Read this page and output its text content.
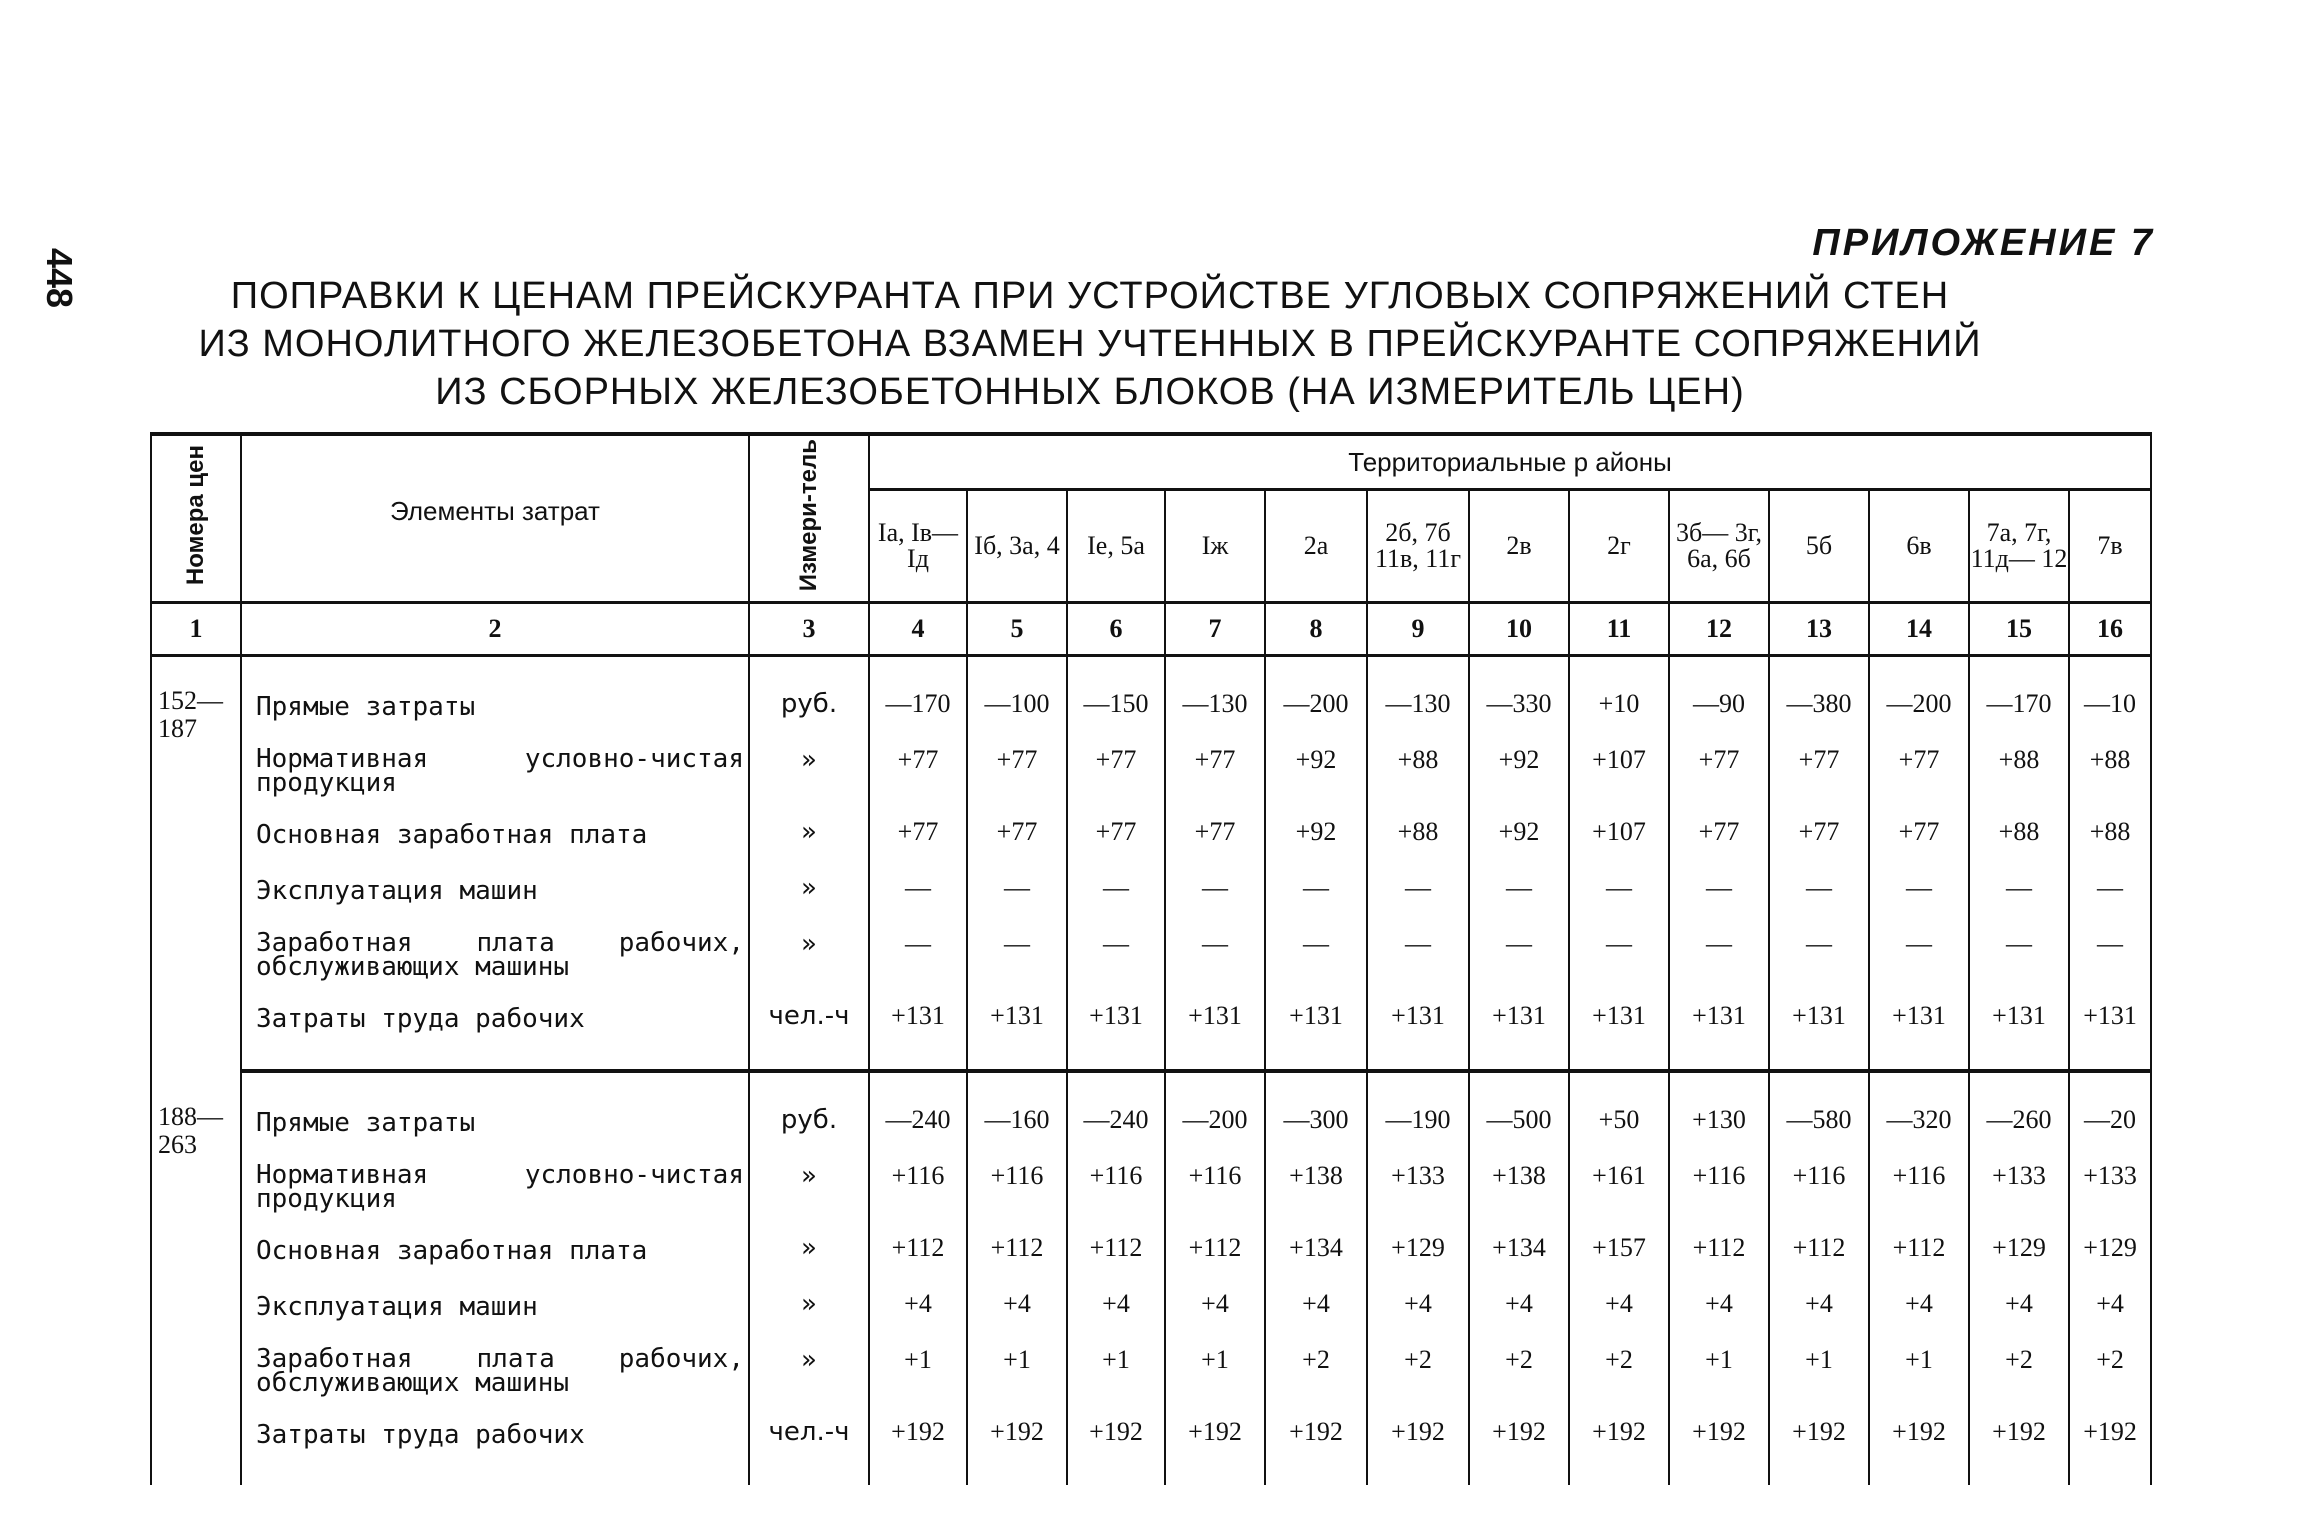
448
ПРИЛОЖЕНИЕ 7
ПОПРАВКИ К ЦЕНАМ ПРЕЙСКУРАНТА ПРИ УСТРОЙСТВЕ УГЛОВЫХ СОПРЯЖЕНИЙ СТЕН
ИЗ МОНОЛИТНОГО ЖЕЛЕЗОБЕТОНА ВЗАМЕН УЧТЕННЫХ В ПРЕЙСКУРАНТЕ СОПРЯЖЕНИЙ
ИЗ СБОРНЫХ ЖЕЛЕЗОБЕТОННЫХ БЛОКОВ (НА ИЗМЕРИТЕЛЬ ЦЕН)
Номера цен	Элементы затрат	Измери-тель	Территориальные р айоны												
			Iа, Iв— Iд	Iб, 3а, 4	Iе, 5а	Iж	2а	2б, 7б 11в, 11г	2в	2г	3б— 3г, 6а, 6б	5б	6в	7а, 7г, 11д— 12	7в
1	2	3	4	5	6	7	8	9	10	11	12	13	14	15	16

152— 187	Прямые затраты	руб.	—170	—100	—150	—130	—200	—130	—330	+10	—90	—380	—200	—170	—10
	Нормативная условно-чистая продукция	»	+77	+77	+77	+77	+92	+88	+92	+107	+77	+77	+77	+88	+88
	Основная заработная плата	»	+77	+77	+77	+77	+92	+88	+92	+107	+77	+77	+77	+88	+88
	Эксплуатация машин	»	—	—	—	—	—	—	—	—	—	—	—	—	—
	Заработная плата рабочих, обслуживающих машины	»	—	—	—	—	—	—	—	—	—	—	—	—	—
	Затраты труда рабочих	чел.-ч	+131	+131	+131	+131	+131	+131	+131	+131	+131	+131	+131	+131	+131

188— 263	Прямые затраты	руб.	—240	—160	—240	—200	—300	—190	—500	+50	+130	—580	—320	—260	—20
	Нормативная условно-чистая продукция	»	+116	+116	+116	+116	+138	+133	+138	+161	+116	+116	+116	+133	+133
	Основная заработная плата	»	+112	+112	+112	+112	+134	+129	+134	+157	+112	+112	+112	+129	+129
	Эксплуатация машин	»	+4	+4	+4	+4	+4	+4	+4	+4	+4	+4	+4	+4	+4
	Заработная плата рабочих, обслуживающих машины	»	+1	+1	+1	+1	+2	+2	+2	+2	+1	+1	+1	+2	+2
	Затраты труда рабочих	чел.-ч	+192	+192	+192	+192	+192	+192	+192	+192	+192	+192	+192	+192	+192
